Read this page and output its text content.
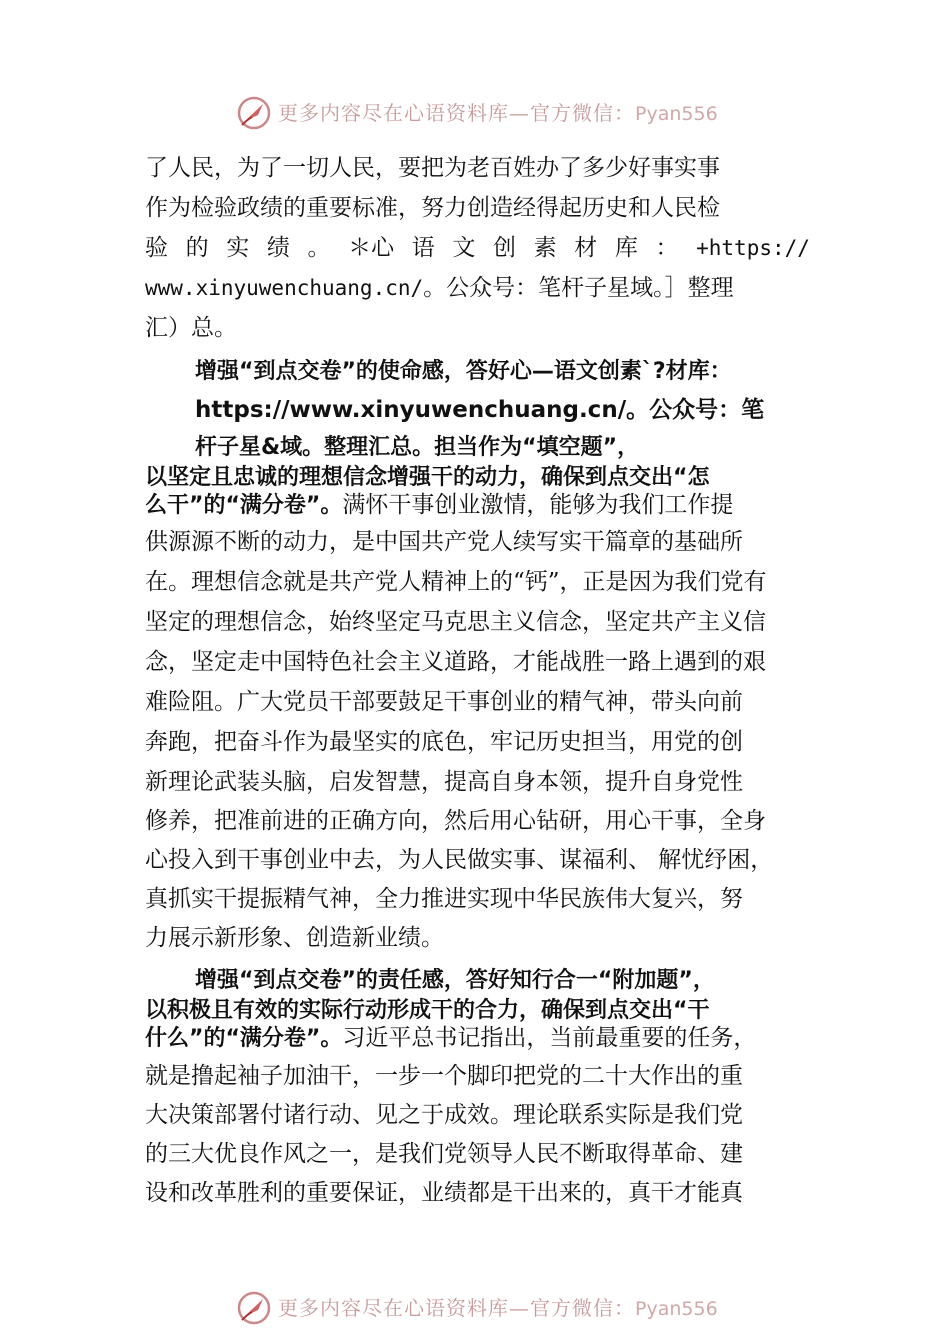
更多内容尽在心语资料库—官方微信：Pyan556
了人民，为了一切人民，要把为老百姓办了多少好事实事
作为检验政绩的重要标准，努力创造经得起历史和人民检
验 的 实 绩 。 ＊心 语 文 创 素 材 库 ： +https://
www.xinyuwenchuang.cn/。公众号：笔杆子星域。］整理
汇）总。
增强“到点交卷”的使命感，答好心—语文创素`?材库：
https://www.xinyuwenchuang.cn/。公众号：笔
杆子星&域。整理汇总。担当作为“填空题”，
以坚定且忠诚的理想信念增强干的动力，确保到点交出“怎
么干”的“满分卷”。满怀干事创业激情，能够为我们工作提
供源源不断的动力，是中国共产党人续写实干篇章的基础所
在。理想信念就是共产党人精神上的“钙”，正是因为我们党有
坚定的理想信念，始终坚定马克思主义信念，坚定共产主义信
念，坚定走中国特色社会主义道路，才能战胜一路上遇到的艰
难险阻。广大党员干部要鼓足干事创业的精气神，带头向前
奔跑，把奋斗作为最坚实的底色，牢记历史担当，用党的创
新理论武装头脑，启发智慧，提高自身本领，提升自身党性
修养，把准前进的正确方向，然后用心钻研，用心干事，全身
心投入到干事创业中去，为人民做实事、谋福利、 解忧纾困，
真抓实干提振精气神，全力推进实现中华民族伟大复兴，努
力展示新形象、创造新业绩。
增强“到点交卷”的责任感，答好知行合一“附加题”，
以积极且有效的实际行动形成干的合力，确保到点交出“干
什么”的“满分卷”。习近平总书记指出，当前最重要的任务，
就是撸起袖子加油干，一步一个脚印把党的二十大作出的重
大决策部署付诸行动、见之于成效。理论联系实际是我们党
的三大优良作风之一，是我们党领导人民不断取得革命、建
设和改革胜利的重要保证，业绩都是干出来的，真干才能真
更多内容尽在心语资料库—官方微信：Pyan556
